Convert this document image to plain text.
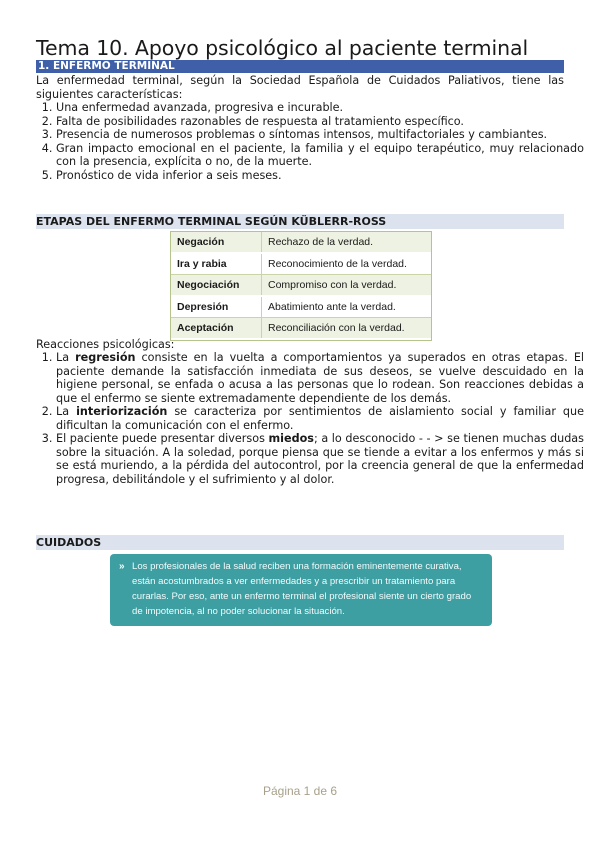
Tema 10. Apoyo psicológico al paciente terminal
1. ENFERMO TERMINAL
La enfermedad terminal, según la Sociedad Española de Cuidados Paliativos, tiene las siguientes características:
1. Una enfermedad avanzada, progresiva e incurable.
2. Falta de posibilidades razonables de respuesta al tratamiento específico.
3. Presencia de numerosos problemas o síntomas intensos, multifactoriales y cambiantes.
4. Gran impacto emocional en el paciente, la familia y el equipo terapéutico, muy relacionado con la presencia, explícita o no, de la muerte.
5. Pronóstico de vida inferior a seis meses.
ETAPAS DEL ENFERMO TERMINAL SEGÚN KÜBLERR-ROSS
Negación	Rechazo de la verdad.
Ira y rabia	Reconocimiento de la verdad.
Negociación	Compromiso con la verdad.
Depresión	Abatimiento ante la verdad.
Aceptación	Reconciliación con la verdad.
Reacciones psicológicas:
1. La regresión consiste en la vuelta a comportamientos ya superados en otras etapas. El paciente demande la satisfacción inmediata de sus deseos, se vuelve descuidado en la higiene personal, se enfada o acusa a las personas que lo rodean. Son reacciones debidas a que el enfermo se siente extremadamente dependiente de los demás.
2. La interiorización se caracteriza por sentimientos de aislamiento social y familiar que dificultan la comunicación con el enfermo.
3. El paciente puede presentar diversos miedos; a lo desconocido - - > se tienen muchas dudas sobre la situación. A la soledad, porque piensa que se tiende a evitar a los enfermos y más si se está muriendo, a la pérdida del autocontrol, por la creencia general de que la enfermedad progresa, debilitándole y el sufrimiento y al dolor.
CUIDADOS
» Los profesionales de la salud reciben una formación eminentemente curativa, están acostumbrados a ver enfermedades y a prescribir un tratamiento para curarlas. Por eso, ante un enfermo terminal el profesional siente un cierto grado de impotencia, al no poder solucionar la situación.
Página 1 de 6
